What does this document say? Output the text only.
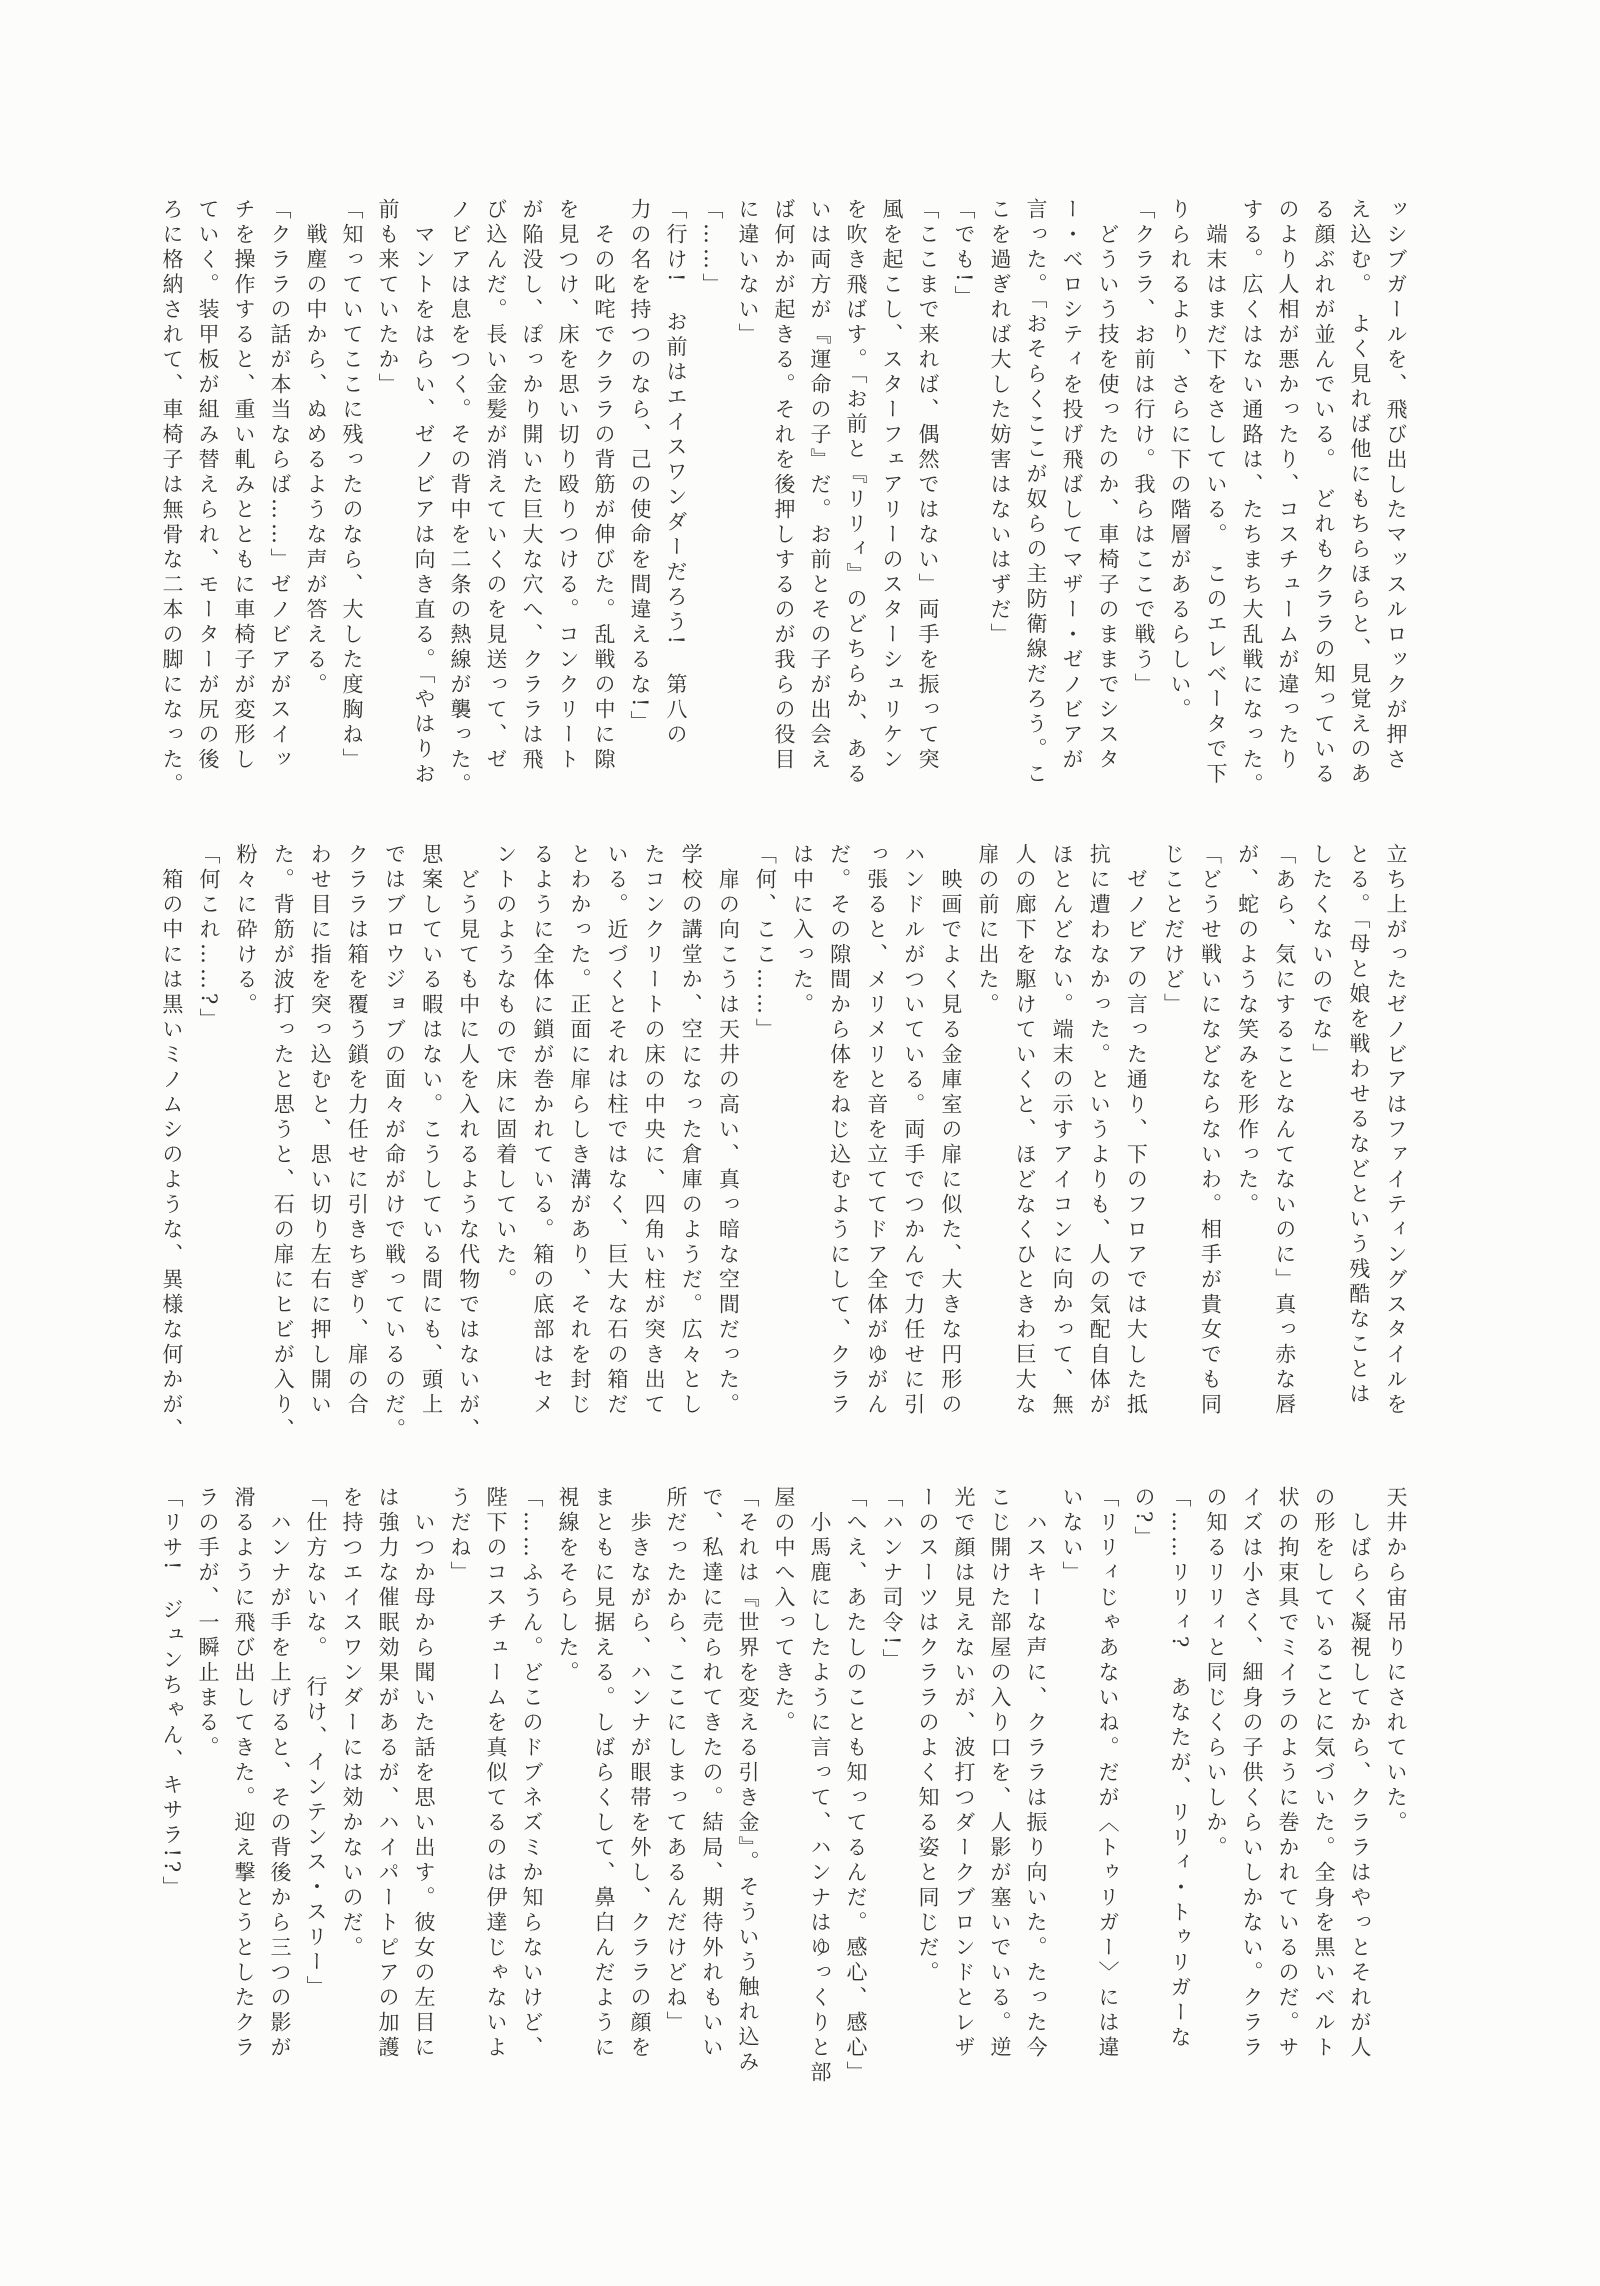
ッシブガールを、飛び出したマッスルロックが押さ

え込む。　よく見れば他にもちらほらと、見覚えのあ

る顔ぶれが並んでいる。　どれもクララの知っている

のより人相が悪かったり、コスチュームが違ったり

する。広くはない通路は、たちまち大乱戦になった。

　端末はまだ下をさしている。　このエレベータで下

りられるより、さらに下の階層があるらしい。

「クララ、お前は行け。我らはここで戦う」

　どういう技を使ったのか、車椅子のままでシスタ

ー・ベロシティを投げ飛ばしてマザー・ゼノビアが

言った。「おそらくここが奴らの主防衛線だろう。こ

こを過ぎれば大した妨害はないはずだ」

「でも!」

「ここまで来れば、偶然ではない」両手を振って突

風を起こし、スターフェアリーのスターシュリケン

を吹き飛ばす。「お前と『リリィ』のどちらか、ある

いは両方が『運命の子』だ。お前とその子が出会え

ば何かが起きる。それを後押しするのが我らの役目

に違いない」

「……」

「行け!　お前はエイスワンダーだろう!　第八の

力の名を持つのなら、己の使命を間違えるな!」

　その叱咤でクララの背筋が伸びた。乱戦の中に隙

を見つけ、床を思い切り殴りつける。コンクリート

が陥没し、ぽっかり開いた巨大な穴へ、クララは飛

び込んだ。長い金髪が消えていくのを見送って、ゼ

ノビアは息をつく。その背中を二条の熱線が襲った。

　マントをはらい、ゼノビアは向き直る。「やはりお

前も来ていたか」

「知っていてここに残ったのなら、大した度胸ね」

　戦塵の中から、ぬめるような声が答える。

「クララの話が本当ならば……」ゼノビアがスイッ

チを操作すると、重い軋みとともに車椅子が変形し

ていく。装甲板が組み替えられ、モーターが尻の後

ろに格納されて、車椅子は無骨な二本の脚になった。

立ち上がったゼノビアはファイティングスタイルを

とる。「母と娘を戦わせるなどという残酷なことは

したくないのでな」

「あら、気にすることなんてないのに」真っ赤な唇

が、蛇のような笑みを形作った。

「どうせ戦いになどならないわ。相手が貴女でも同

じことだけど」

　ゼノビアの言った通り、下のフロアでは大した抵

抗に遭わなかった。というよりも、人の気配自体が

ほとんどない。端末の示すアイコンに向かって、無

人の廊下を駆けていくと、ほどなくひときわ巨大な

扉の前に出た。

　映画でよく見る金庫室の扉に似た、大きな円形の

ハンドルがついている。両手でつかんで力任せに引

っ張ると、メリメリと音を立ててドア全体がゆがん

だ。その隙間から体をねじ込むようにして、クララ

は中に入った。

「何、ここ……」

　扉の向こうは天井の高い、真っ暗な空間だった。

学校の講堂か、空になった倉庫のようだ。広々とし

たコンクリートの床の中央に、四角い柱が突き出て

いる。近づくとそれは柱ではなく、巨大な石の箱だ

とわかった。正面に扉らしき溝があり、それを封じ

るように全体に鎖が巻かれている。箱の底部はセメ

ントのようなもので床に固着していた。

　どう見ても中に人を入れるような代物ではないが、

思案している暇はない。こうしている間にも、頭上

ではブロウジョブの面々が命がけで戦っているのだ。

クララは箱を覆う鎖を力任せに引きちぎり、扉の合

わせ目に指を突っ込むと、思い切り左右に押し開い

た。背筋が波打ったと思うと、石の扉にヒビが入り、

粉々に砕ける。

「何これ……?」

　箱の中には黒いミノムシのような、異様な何かが、

天井から宙吊りにされていた。

　しばらく凝視してから、クララはやっとそれが人

の形をしていることに気づいた。全身を黒いベルト

状の拘束具でミイラのように巻かれているのだ。サ

イズは小さく、細身の子供くらいしかない。クララ

の知るリリィと同じくらいしか。

「……リリィ?　あなたが、リリィ・トゥリガーな

の?」

「リリィじゃあないね。だが〈トゥリガー〉には違

いない」

　ハスキーな声に、クララは振り向いた。たった今

こじ開けた部屋の入り口を、人影が塞いでいる。逆

光で顔は見えないが、波打つダークブロンドとレザ

ーのスーツはクララのよく知る姿と同じだ。

「ハンナ司令!」

「へえ、あたしのことも知ってるんだ。感心、感心」

　小馬鹿にしたように言って、ハンナはゆっくりと部

屋の中へ入ってきた。

「それは『世界を変える引き金』。そういう触れ込み

で、私達に売られてきたの。結局、期待外れもいい

所だったから、ここにしまってあるんだけどね」

　歩きながら、ハンナが眼帯を外し、クララの顔を

まともに見据える。しばらくして、鼻白んだように

視線をそらした。

「……ふうん。どこのドブネズミか知らないけど、

陛下のコスチュームを真似てるのは伊達じゃないよ

うだね」

　いつか母から聞いた話を思い出す。彼女の左目に

は強力な催眠効果があるが、ハイパートピアの加護

を持つエイスワンダーには効かないのだ。

「仕方ないな。　行け、インテンス・スリー」

　ハンナが手を上げると、その背後から三つの影が

滑るように飛び出してきた。迎え撃とうとしたクラ

ラの手が、一瞬止まる。

「リサ!　ジュンちゃん、キサラ!?」
